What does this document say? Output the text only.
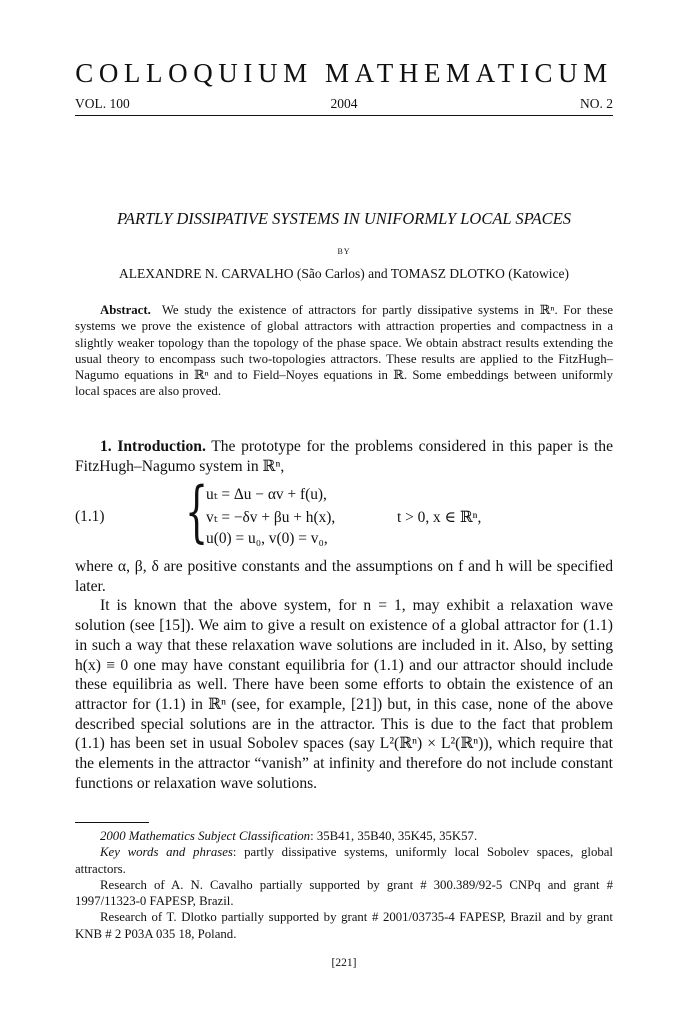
COLLOQUIUM MATHEMATICUM
VOL. 100	2004	NO. 2

PARTLY DISSIPATIVE SYSTEMS IN UNIFORMLY LOCAL SPACES
BY
ALEXANDRE N. CARVALHO (São Carlos) and TOMASZ DLOTKO (Katowice)

Abstract. We study the existence of attractors for partly dissipative systems in ℝⁿ. For these systems we prove the existence of global attractors with attraction properties and compactness in a slightly weaker topology than the topology of the phase space. We obtain abstract results extending the usual theory to encompass such two-topologies attractors. These results are applied to the FitzHugh–Nagumo equations in ℝⁿ and to Field–Noyes equations in ℝ. Some embeddings between uniformly local spaces are also proved.

1. Introduction. The prototype for the problems considered in this paper is the FitzHugh–Nagumo system in ℝⁿ,

(1.1) {
uₜ = Δu − αv + f(u),
vₜ = −δv + βu + h(x),
u(0) = u₀, v(0) = v₀,
t > 0, x ∈ ℝⁿ,

where α, β, δ are positive constants and the assumptions on f and h will be specified later.

It is known that the above system, for n = 1, may exhibit a relaxation wave solution (see [15]). We aim to give a result on existence of a global attractor for (1.1) in such a way that these relaxation wave solutions are included in it. Also, by setting h(x) ≡ 0 one may have constant equilibria for (1.1) and our attractor should include these equilibria as well. There have been some efforts to obtain the existence of an attractor for (1.1) in ℝⁿ (see, for example, [21]) but, in this case, none of the above described special solutions are in the attractor. This is due to the fact that problem (1.1) has been set in usual Sobolev spaces (say L²(ℝⁿ) × L²(ℝⁿ)), which require that the elements in the attractor “vanish” at infinity and therefore do not include constant functions or relaxation wave solutions.

2000 Mathematics Subject Classification: 35B41, 35B40, 35K45, 35K57.

Key words and phrases: partly dissipative systems, uniformly local Sobolev spaces, global attractors.

Research of A. N. Cavalho partially supported by grant # 300.389/92-5 CNPq and grant # 1997/11323-0 FAPESP, Brazil.

Research of T. Dlotko partially supported by grant # 2001/03735-4 FAPESP, Brazil and by grant KNB # 2 P03A 035 18, Poland.

[221]
